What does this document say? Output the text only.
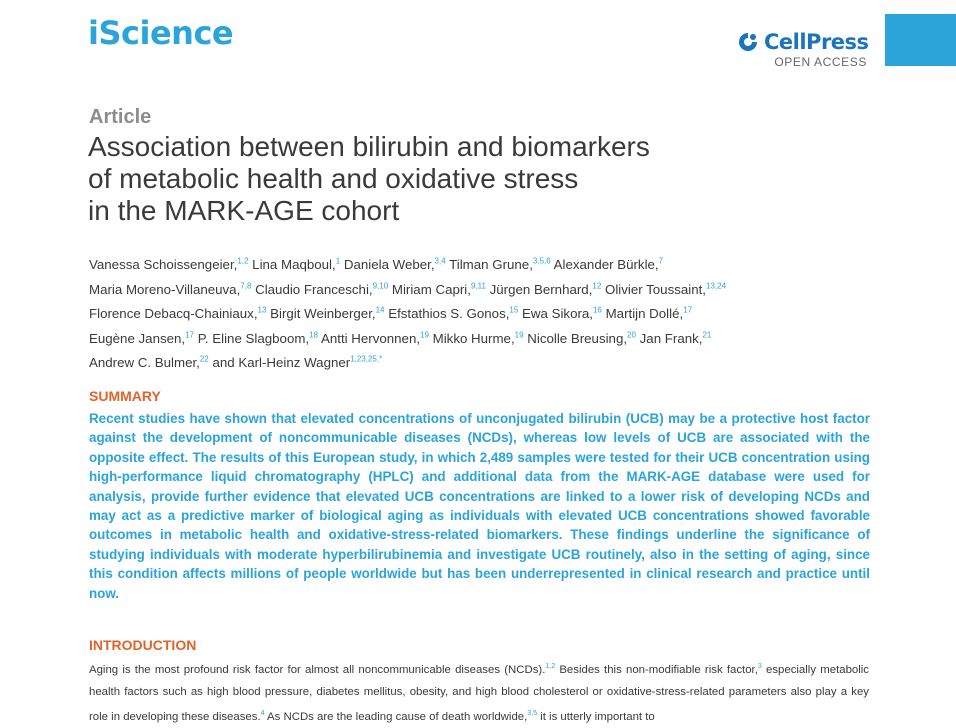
iScience	CellPress
OPEN ACCESS
Article
Association between bilirubin and biomarkers
of metabolic health and oxidative stress
in the MARK-AGE cohort
Vanessa Schoissengeier,$^{1,2}$ Lina Maqboul,$^1$ Daniela Weber,$^{3,4}$ Tilman Grune,$^{3,5,6}$ Alexander Bürkle,$^7$
Maria Moreno-Villaneuva,$^{7,8}$ Claudio Franceschi,$^{9,10}$ Miriam Capri,$^{9,11}$ Jürgen Bernhard,$^{12}$ Olivier Toussaint,$^{13,24}$
Florence Debacq-Chainiaux,$^{13}$ Birgit Weinberger,$^{14}$ Efstathios S. Gonos,$^{15}$ Ewa Sikora,$^{16}$ Martijn Dollé,$^{17}$
Eugène Jansen,$^{17}$ P. Eline Slagboom,$^{18}$ Antti Hervonnen,$^{19}$ Mikko Hurme,$^{19}$ Nicolle Breusing,$^{20}$ Jan Frank,$^{21}$
Andrew C. Bulmer,$^{22}$ and Karl-Heinz Wagner$^{1,23,25,*}$
SUMMARY
Recent studies have shown that elevated concentrations of unconjugated bilirubin (UCB) may be a protective host factor against the development of noncommunicable diseases (NCDs), whereas low levels of UCB are associated with the opposite effect. The results of this European study, in which 2,489 samples were tested for their UCB concentration using high-performance liquid chromatography (HPLC) and additional data from the MARK-AGE database were used for analysis, provide further evidence that elevated UCB concentrations are linked to a lower risk of developing NCDs and may act as a predictive marker of biological aging as individuals with elevated UCB concentrations showed favorable outcomes in metabolic health and oxidative-stress-related biomarkers. These findings underline the significance of studying individuals with moderate hyperbilirubinemia and investigate UCB routinely, also in the setting of aging, since this condition affects millions of people worldwide but has been underrepresented in clinical research and practice until now.
INTRODUCTION
Aging is the most profound risk factor for almost all noncommunicable diseases (NCDs).$^{1,2}$ Besides this non-modifiable risk factor,$^3$ especially metabolic health factors such as high blood pressure, diabetes mellitus, obesity, and high blood cholesterol or oxidative-stress-related parameters also play a key role in developing these diseases.$^4$ As NCDs are the leading cause of death worldwide,$^{3,5}$ it is utterly important to
